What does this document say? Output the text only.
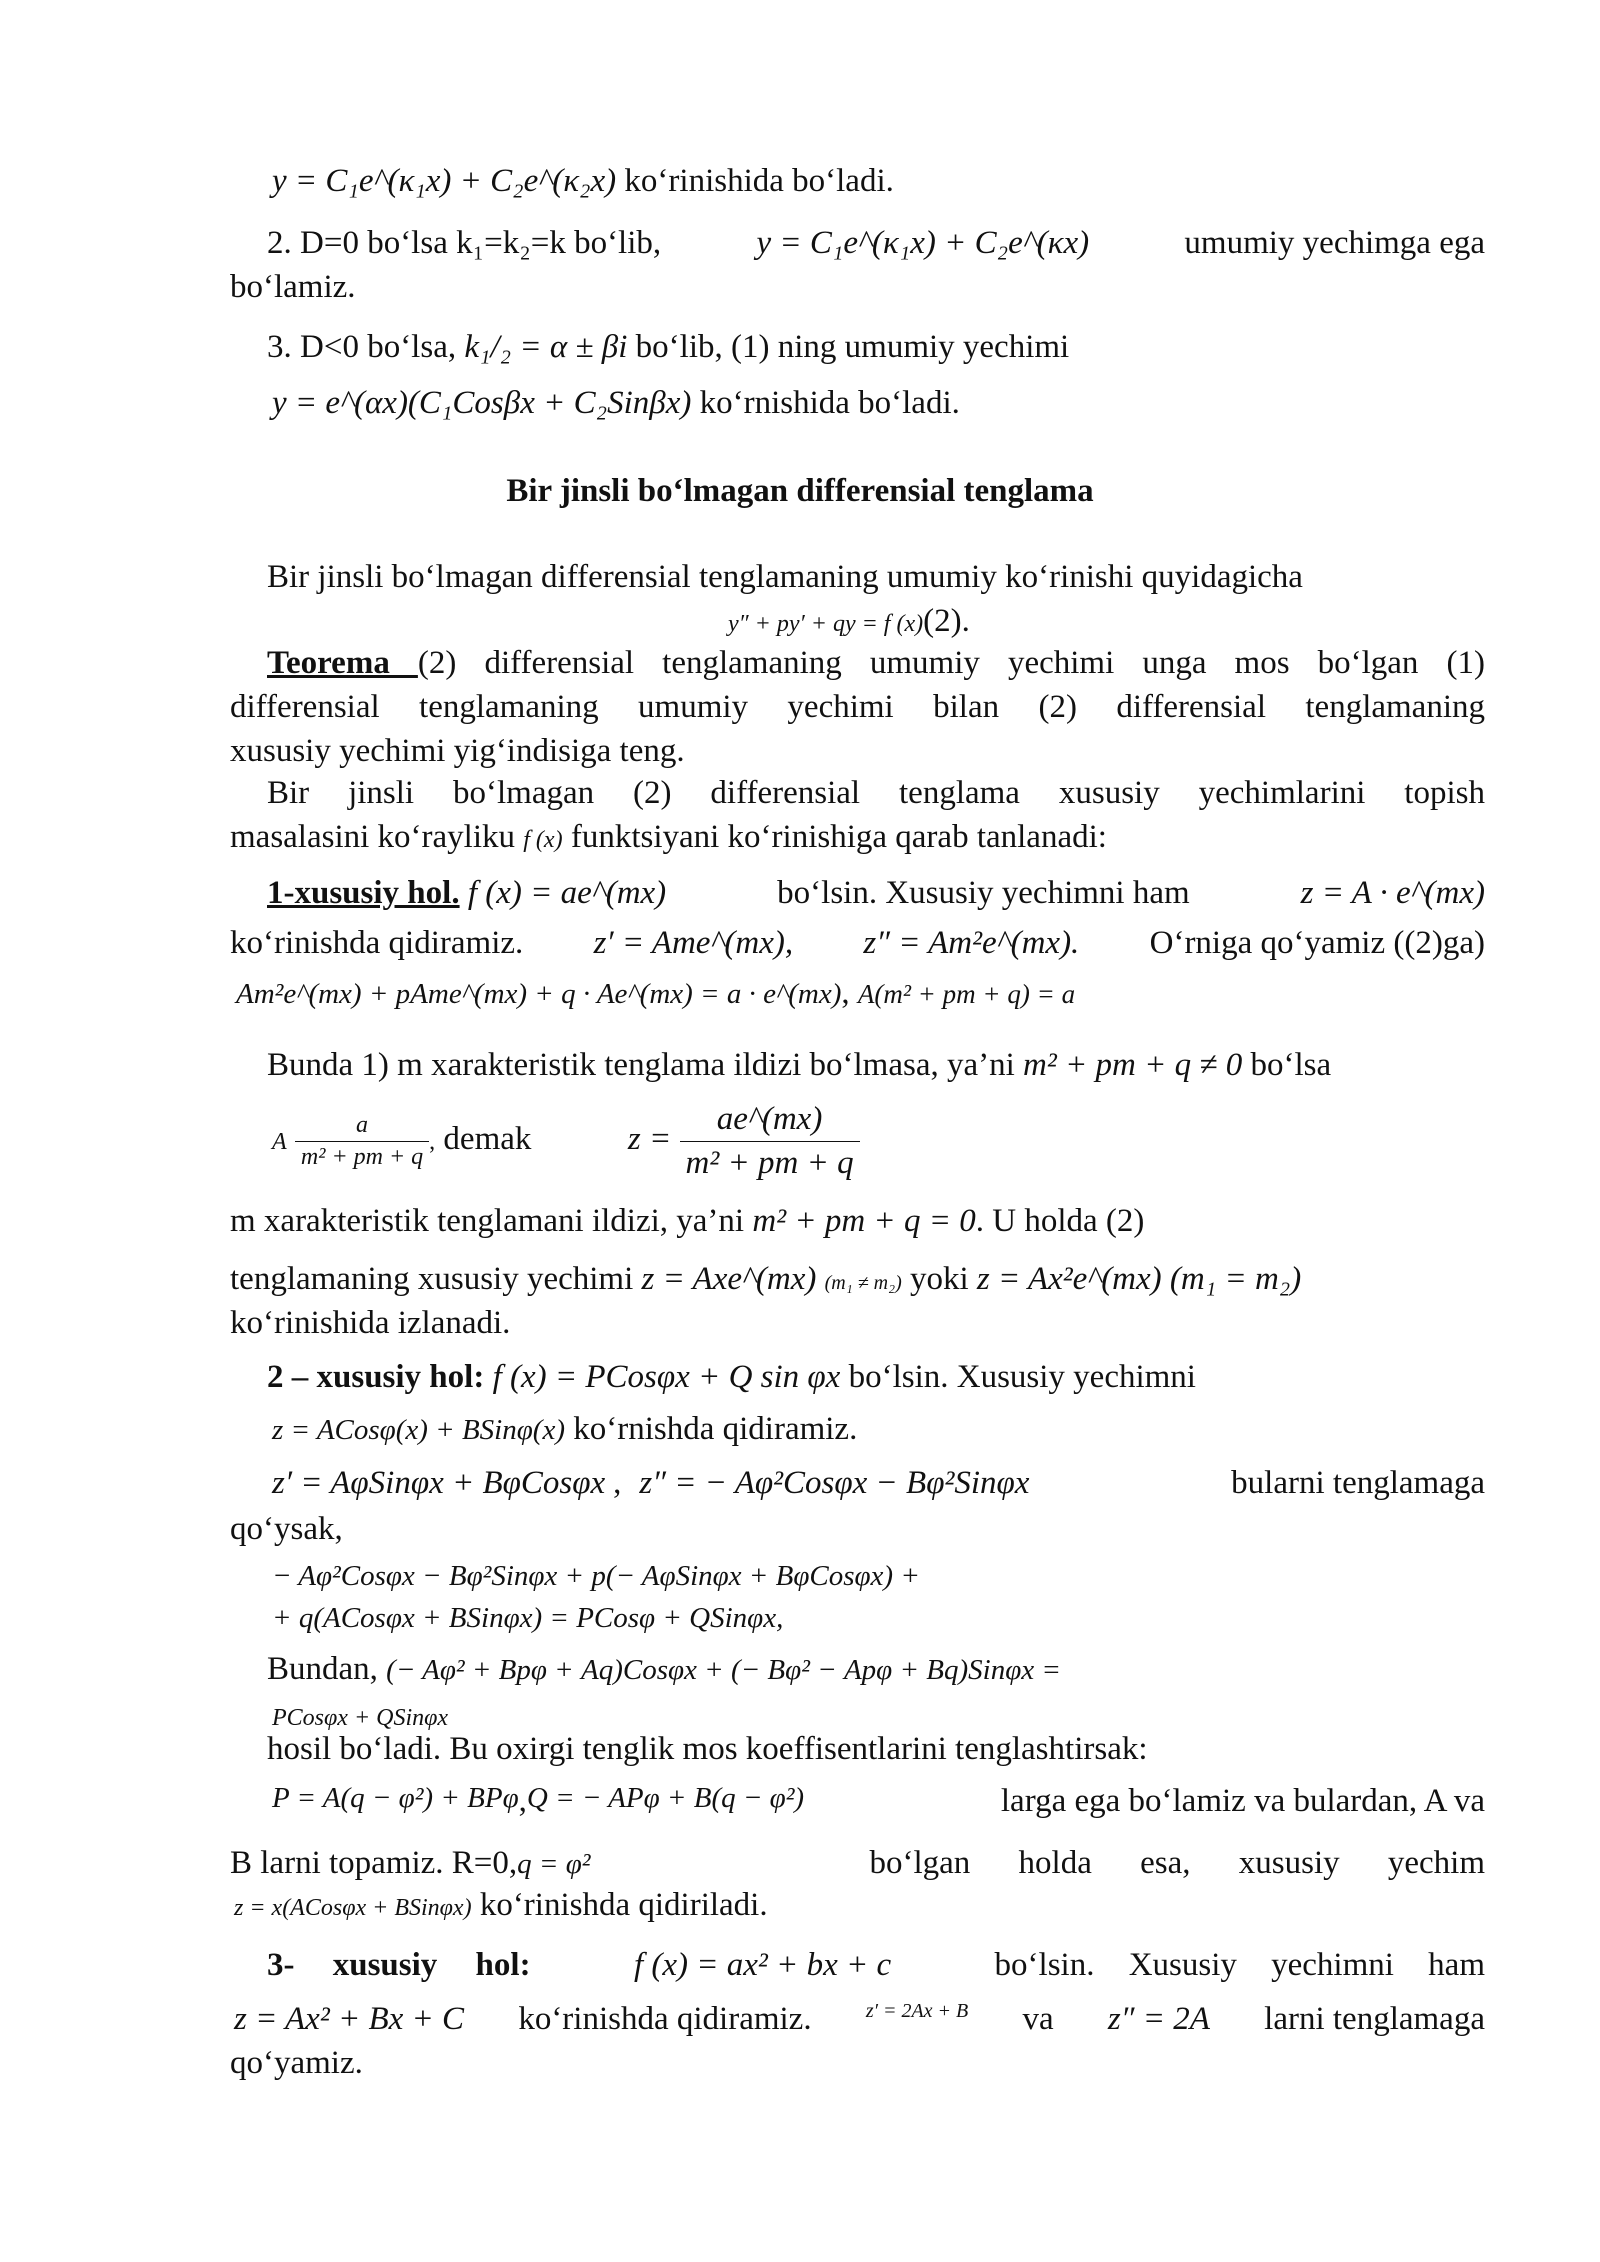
y = C₁e^(κ₁x) + C₂e^(κ₂x) ko‘rinishida bo‘ladi.
2. D=0 bo‘lsa k₁=k₂=k bo‘lib,	y = C₁e^(κ₁x) + C₂e^(κx)	umumiy yechimga ega
bo‘lamiz.
3. D<0 bo‘lsa, k₁/₂ = α ± βi bo‘lib, (1) ning umumiy yechimi
y = e^(αx)(C₁Cosβx + C₂Sinβx) ko‘rnishida bo‘ladi.
Bir jinsli bo‘lmagan differensial tenglama
Bir jinsli bo‘lmagan differensial tenglamaning umumiy ko‘rinishi quyidagicha
y″ + py′ + qy = f (x)(2).
Teorema (2) differensial tenglamaning umumiy yechimi unga mos bo‘lgan (1)
differensial tenglamaning umumiy yechimi bilan (2) differensial tenglamaning
xususiy yechimi yig‘indisiga teng.
Bir jinsli bo‘lmagan (2) differensial tenglama xususiy yechimlarini topish
masalasini ko‘rayliku f (x) funktsiyani ko‘rinishiga qarab tanlanadi:
1-xususiy hol. f (x) = ae^(mx)	bo‘lsin. Xususiy yechimni ham	z = A · e^(mx)
ko‘rinishda qidiramiz. z′ = Ame^(mx), z″ = Am²e^(mx). O‘rniga qo‘yamiz ((2)ga)
Am²e^(mx) + pAme^(mx) + q · Ae^(mx) = a · e^(mx), A(m² + pm + q) = a
Bunda 1) m xarakteristik tenglama ildizi bo‘lmasa, ya’ni m² + pm + q ≠ 0 bo‘lsa
A $\frac{a}{\text{m² + pm + q}}$ , demak	$z = \frac{ae\^{}(mx)}{\text{m² + pm + q}}$
m xarakteristik tenglamani ildizi, ya’ni m² + pm + q = 0. U holda (2)
tenglamaning xususiy yechimi z = Axe^(mx) (m₁ ≠ m₂) yoki z = Ax²e^(mx) (m₁ = m₂)
ko‘rinishida izlanadi.
2 – xususiy hol: f (x) = PCosφx + Q sin φx bo‘lsin. Xususiy yechimni
z = ACosφ(x) + BSinφ(x) ko‘rnishda qidiramiz.
z′ = AφSinφx + BφCosφx , z″ = − Aφ²Cosφx − Bφ²Sinφx	bularni tenglamaga
qo‘ysak,
− Aφ²Cosφx − Bφ²Sinφx + p(− AφSinφx + BφCosφx) +
+ q(ACosφx + BSinφx) = PCosφ + QSinφx,
Bundan, (− Aφ² + Bpφ + Aq)Cosφx + (− Bφ² − Apφ + Bq)Sinφx =
PCosφx + QSinφx
hosil bo‘ladi. Bu oxirgi tenglik mos koeffisentlarini tenglashtirsak:
P = A(q − φ²) + BPφ , Q = − APφ + B(q − φ²)	larga ega bo‘lamiz va bulardan, A va
B larni topamiz. R=0,q = φ²	bo‘lgan holda esa, xususiy yechim
z = x(ACosφx + BSinφx) ko‘rinishda qidiriladi.
3- xususiy hol:	f (x) = ax² + bx + c	bo‘lsin. Xususiy yechimni ham
z = Ax² + Bx + C ko‘rinishda qidiramiz.	z′ = 2Ax + B va z″ = 2A larni tenglamaga
qo‘yamiz.
